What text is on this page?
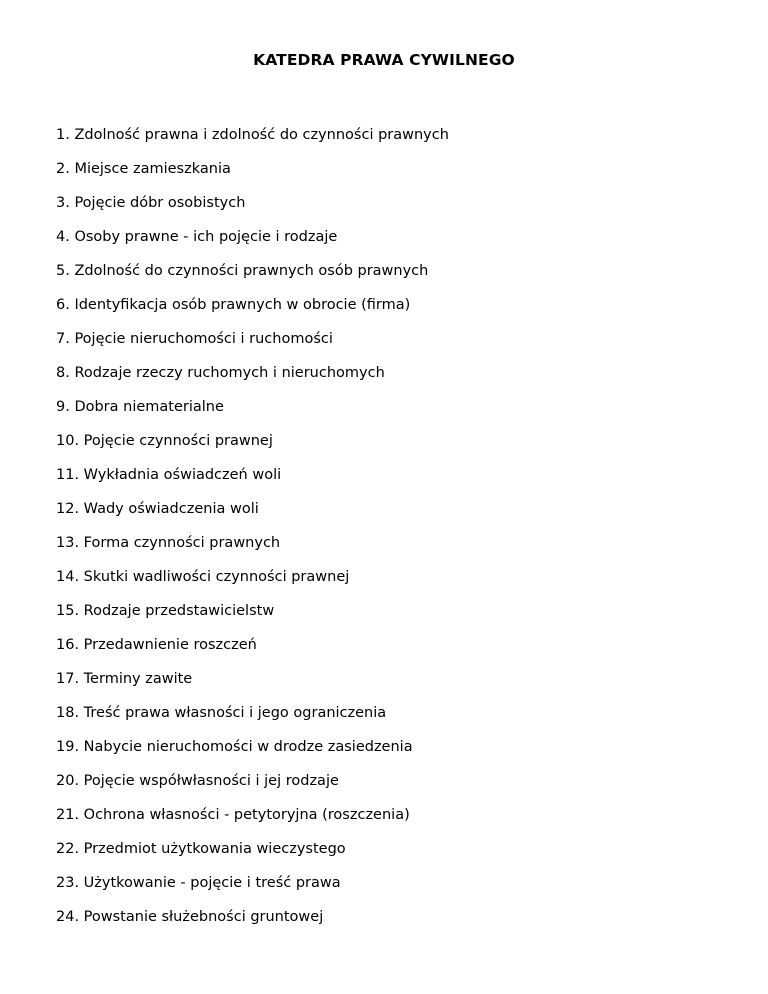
KATEDRA PRAWA CYWILNEGO
1. Zdolność prawna i zdolność do czynności prawnych
2. Miejsce zamieszkania
3. Pojęcie dóbr osobistych
4. Osoby prawne - ich pojęcie i rodzaje
5. Zdolność do czynności prawnych osób prawnych
6. Identyfikacja osób prawnych w obrocie (firma)
7. Pojęcie nieruchomości i ruchomości
8. Rodzaje rzeczy ruchomych i nieruchomych
9. Dobra niematerialne
10. Pojęcie czynności prawnej
11. Wykładnia oświadczeń woli
12. Wady oświadczenia woli
13. Forma czynności prawnych
14. Skutki wadliwości czynności prawnej
15. Rodzaje przedstawicielstw
16. Przedawnienie roszczeń
17. Terminy zawite
18. Treść prawa własności i jego ograniczenia
19. Nabycie nieruchomości w drodze zasiedzenia
20. Pojęcie współwłasności i jej rodzaje
21. Ochrona własności - petytoryjna (roszczenia)
22. Przedmiot użytkowania wieczystego
23. Użytkowanie - pojęcie i treść prawa
24. Powstanie służebności gruntowej
